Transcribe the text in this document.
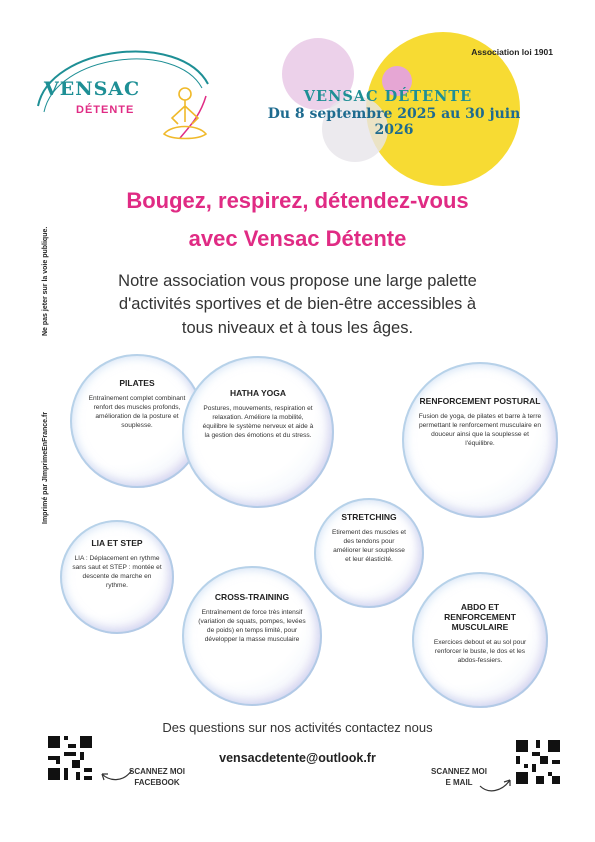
VENSAC
DÉTENTE
Association loi 1901
VENSAC DÉTENTE
Du 8 septembre 2025 au 30 juin 2026
Ne pas jeter sur la voie publique.
Imprimé par JImprimeEnFrance.fr
Bougez, respirez, détendez-vous
avec Vensac Détente
Notre association vous propose une large palette
d'activités sportives et de bien-être accessibles à
tous niveaux et à tous les âges.
PILATES
Entraînement complet combinant renfort des muscles profonds, amélioration de la posture et souplesse.
HATHA YOGA
Postures, mouvements, respiration et relaxation. Améliore la mobilité, équilibre le système nerveux et aide à la gestion des émotions et du stress.
RENFORCEMENT POSTURAL
Fusion de yoga, de pilates et barre à terre permettant le renforcement musculaire en douceur ainsi que la souplesse et l'équilibre.
LIA ET STEP
LIA : Déplacement en rythme sans saut et STEP : montée et descente de marche en rythme.
STRETCHING
Etirement des muscles et des tendons pour améliorer leur souplesse et leur élasticité.
CROSS-TRAINING
Entraînement de force très intensif (variation de squats, pompes, levées de poids) en temps limité, pour développer la masse musculaire
ABDO ET RENFORCEMENT MUSCULAIRE
Exercices debout et au sol pour renforcer le buste, le dos et les abdos-fessiers.
Des questions sur nos activités contactez nous
vensacdetente@outlook.fr
SCANNEZ MOI
FACEBOOK
SCANNEZ MOI
E MAIL
